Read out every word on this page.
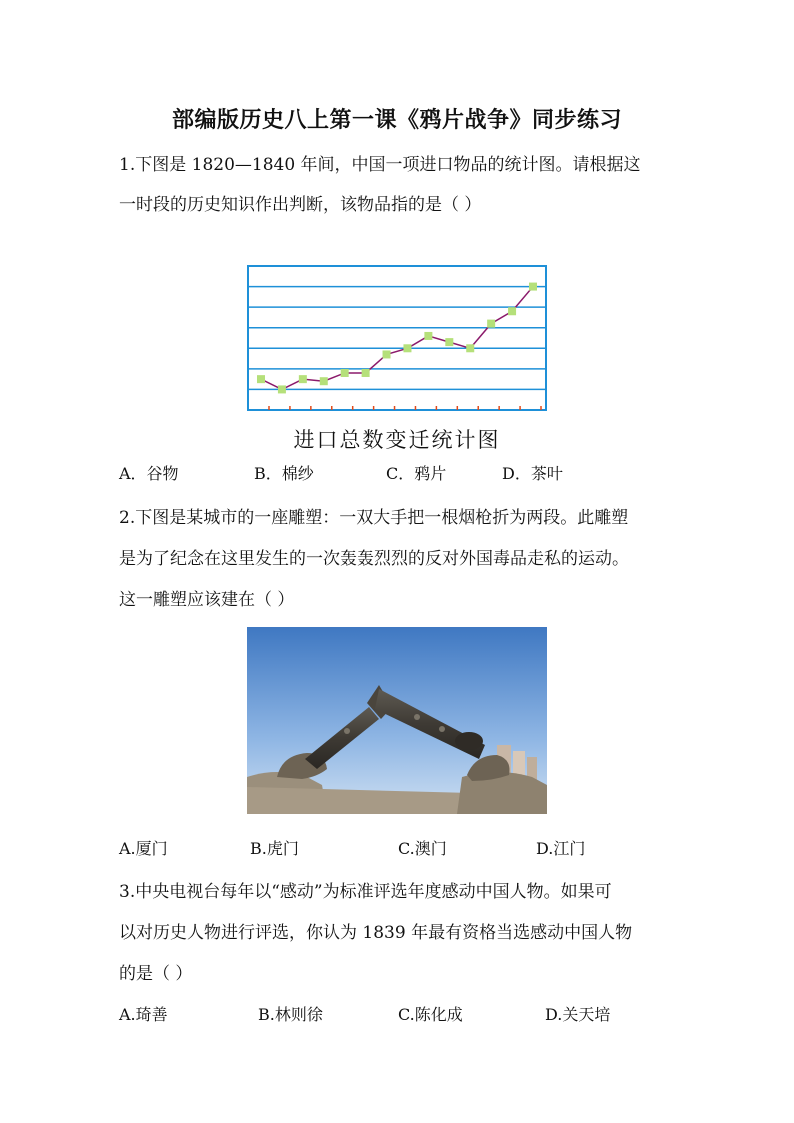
部编版历史八上第一课《鸦片战争》同步练习
1.下图是 1820—1840 年间，中国一项进口物品的统计图。请根据这
一时段的历史知识作出判断，该物品指的是（ ）
进口总数变迁统计图
A．谷物	B．棉纱	C．鸦片	D．茶叶
2.下图是某城市的一座雕塑：一双大手把一根烟枪折为两段。此雕塑
是为了纪念在这里发生的一次轰轰烈烈的反对外国毒品走私的运动。
这一雕塑应该建在（ ）
A.厦门	B.虎门	C.澳门	D.江门
3.中央电视台每年以“感动”为标准评选年度感动中国人物。如果可
以对历史人物进行评选，你认为 1839 年最有资格当选感动中国人物
的是（ ）
A.琦善	B.林则徐	C.陈化成	D.关天培
